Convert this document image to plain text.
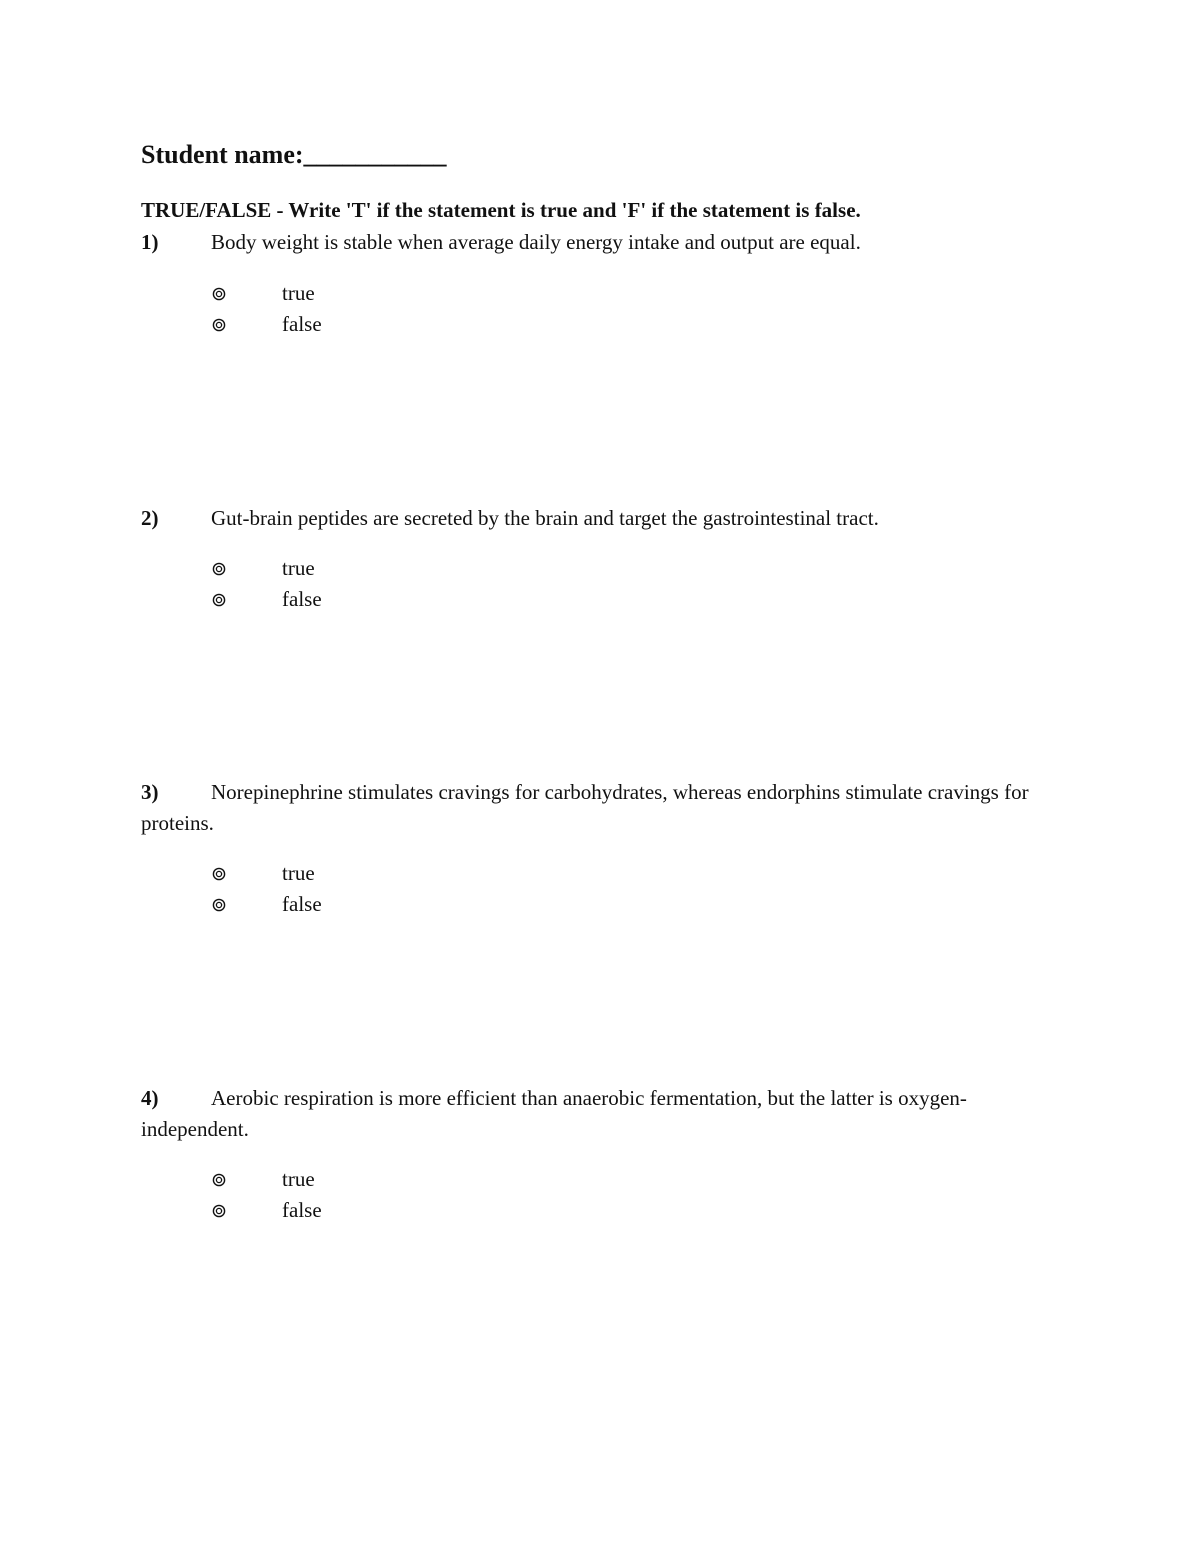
Student name:___________
TRUE/FALSE - Write 'T' if the statement is true and 'F' if the statement is false.
1)	Body weight is stable when average daily energy intake and output are equal.
true
false
2)	Gut-brain peptides are secreted by the brain and target the gastrointestinal tract.
true
false
3)	Norepinephrine stimulates cravings for carbohydrates, whereas endorphins stimulate cravings for proteins.
true
false
4)	Aerobic respiration is more efficient than anaerobic fermentation, but the latter is oxygen-independent.
true
false
